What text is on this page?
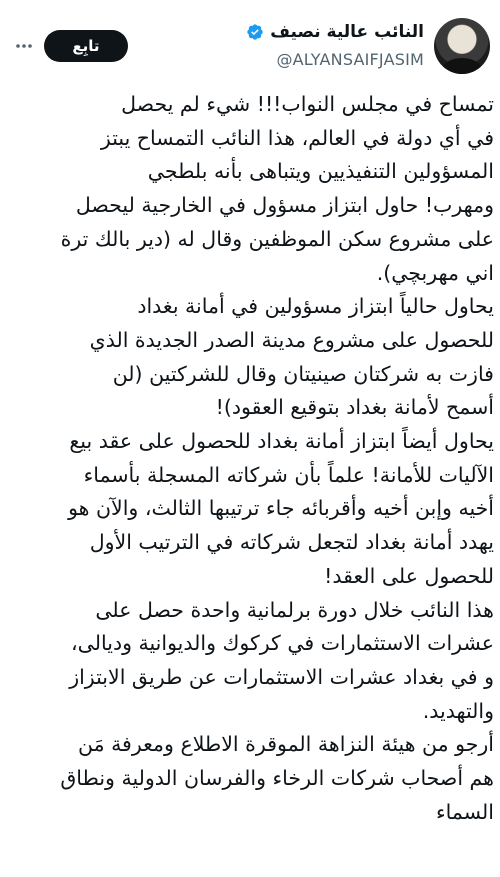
النائب عالية نصيف
@ALYANSAIFJASIM
تابِع

تمساح في مجلس النواب!!! شيء لم يحصل

في أي دولة في العالم، هذا النائب التمساح يبتز

المسؤولين التنفيذيين ويتباهى بأنه بلطجي

ومهرب! حاول ابتزاز مسؤول في الخارجية ليحصل

على مشروع سكن الموظفين وقال له (دير بالك ترة

اني مهربچي).

يحاول حالياً ابتزاز مسؤولين في أمانة بغداد

للحصول على مشروع مدينة الصدر الجديدة الذي

فازت به شركتان صينيتان وقال للشركتين (لن

أسمح لأمانة بغداد بتوقيع العقود)!

يحاول أيضاً ابتزاز أمانة بغداد للحصول على عقد بيع

الآليات للأمانة! علماً بأن شركاته المسجلة بأسماء

أخيه وإبن أخيه وأقربائه جاء ترتيبها الثالث، والآن هو

يهدد أمانة بغداد لتجعل شركاته في الترتيب الأول

للحصول على العقد!

هذا النائب خلال دورة برلمانية واحدة حصل على

عشرات الاستثمارات في كركوك والديوانية وديالى،

و في بغداد عشرات الاستثمارات عن طريق الابتزاز

والتهديد.

أرجو من هيئة النزاهة الموقرة الاطلاع ومعرفة مَن

هم أصحاب شركات الرخاء والفرسان الدولية ونطاق

السماء
